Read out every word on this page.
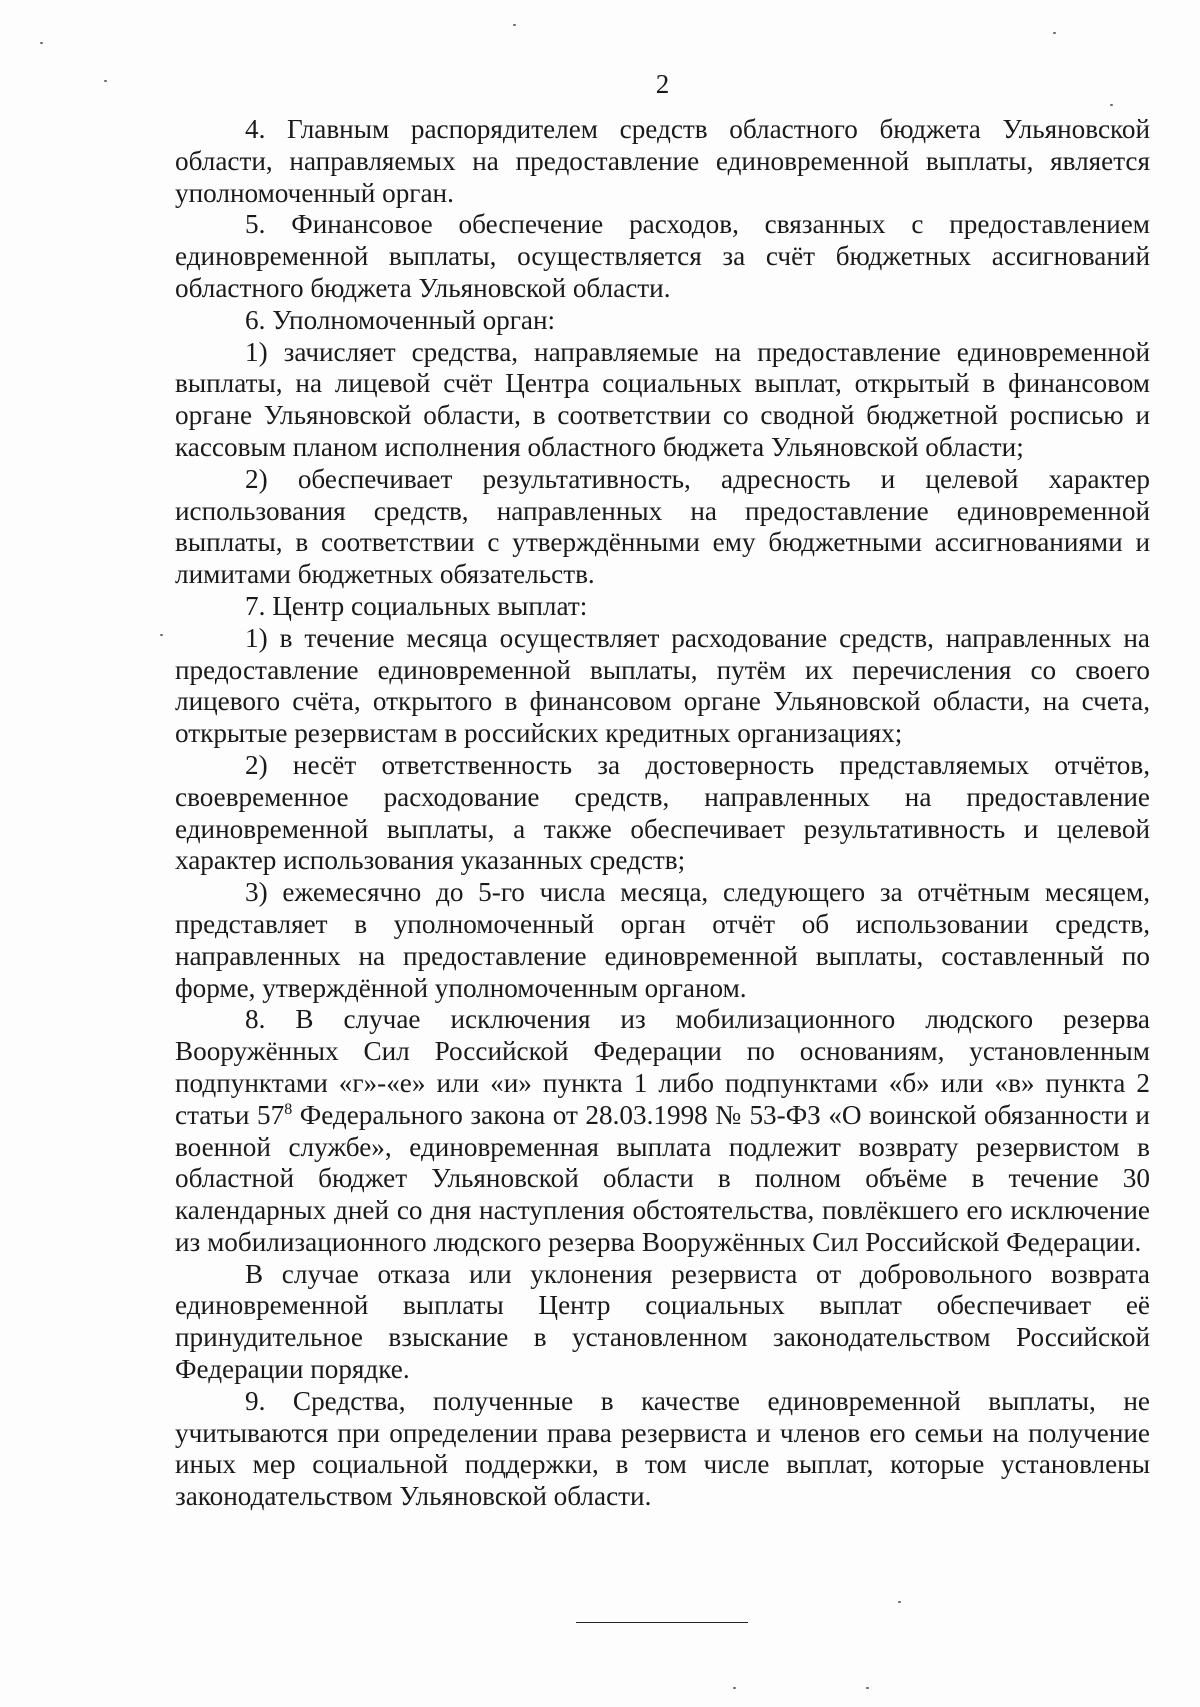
2

4. Главным распорядителем средств областного бюджета Ульяновской области, направляемых на предоставление единовременной выплаты, является уполномоченный орган.

5. Финансовое обеспечение расходов, связанных с предоставлением единовременной выплаты, осуществляется за счёт бюджетных ассигнований областного бюджета Ульяновской области.

6. Уполномоченный орган:

1) зачисляет средства, направляемые на предоставление единовременной выплаты, на лицевой счёт Центра социальных выплат, открытый в финансовом органе Ульяновской области, в соответствии со сводной бюджетной росписью и кассовым планом исполнения областного бюджета Ульяновской области;

2) обеспечивает результативность, адресность и целевой характер использования средств, направленных на предоставление единовременной выплаты, в соответствии с утверждёнными ему бюджетными ассигнованиями и лимитами бюджетных обязательств.

7. Центр социальных выплат:

1) в течение месяца осуществляет расходование средств, направленных на предоставление единовременной выплаты, путём их перечисления со своего лицевого счёта, открытого в финансовом органе Ульяновской области, на счета, открытые резервистам в российских кредитных организациях;

2) несёт ответственность за достоверность представляемых отчётов, своевременное расходование средств, направленных на предоставление единовременной выплаты, а также обеспечивает результативность и целевой характер использования указанных средств;

3) ежемесячно до 5-го числа месяца, следующего за отчётным месяцем, представляет в уполномоченный орган отчёт об использовании средств, направленных на предоставление единовременной выплаты, составленный по форме, утверждённой уполномоченным органом.

8. В случае исключения из мобилизационного людского резерва Вооружённых Сил Российской Федерации по основаниям, установленным подпунктами «г»-«е» или «и» пункта 1 либо подпунктами «б» или «в» пункта 2 статьи $57^8$ Федерального закона от 28.03.1998 № 53-ФЗ «О воинской обязанности и военной службе», единовременная выплата подлежит возврату резервистом в областной бюджет Ульяновской области в полном объёме в течение 30 календарных дней со дня наступления обстоятельства, повлёкшего его исключение из мобилизационного людского резерва Вооружённых Сил Российской Федерации.

В случае отказа или уклонения резервиста от добровольного возврата единовременной выплаты Центр социальных выплат обеспечивает её принудительное взыскание в установленном законодательством Российской Федерации порядке.

9. Средства, полученные в качестве единовременной выплаты, не учитываются при определении права резервиста и членов его семьи на получение иных мер социальной поддержки, в том числе выплат, которые установлены законодательством Ульяновской области.
